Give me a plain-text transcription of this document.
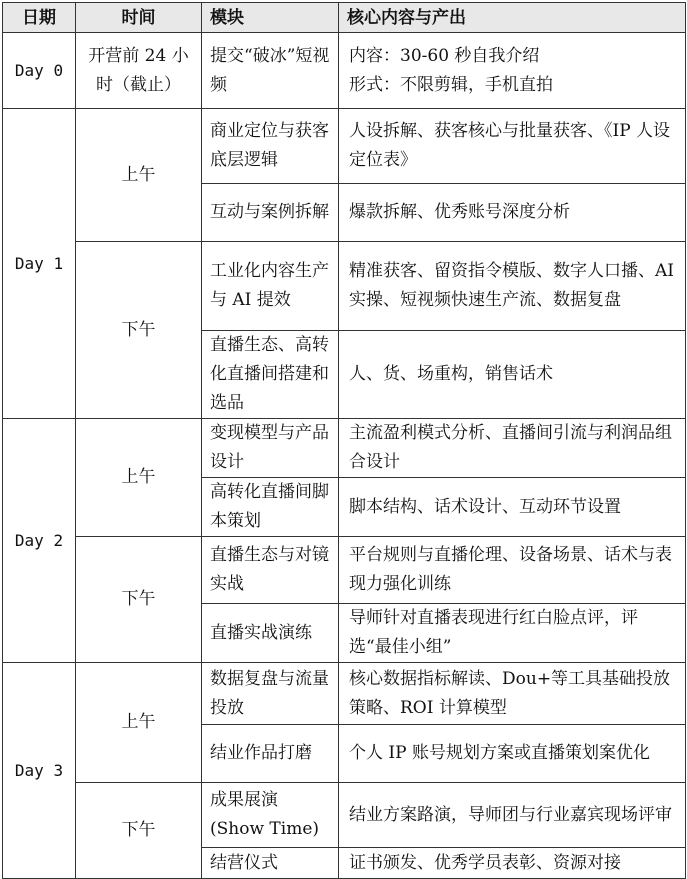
日期	时间	模块	核心内容与产出
Day 0	开营前 24 小时（截止）	提交“破冰”短视频	内容：30-60 秒自我介绍
形式：不限剪辑，手机直拍

Day 1	上午	商业定位与获客底层逻辑	人设拆解、获客核心与批量获客、《IP 人设定位表》
		互动与案例拆解	爆款拆解、优秀账号深度分析
	下午	工业化内容生产与 AI 提效	精准获客、留资指令模版、数字人口播、AI 实操、短视频快速生产流、数据复盘
		直播生态、高转化直播间搭建和选品	人、货、场重构，销售话术
Day 2	上午	变现模型与产品设计	主流盈利模式分析、直播间引流与利润品组合设计
		高转化直播间脚本策划	脚本结构、话术设计、互动环节设置
	下午	直播生态与对镜实战	平台规则与直播伦理、设备场景、话术与表现力强化训练
		直播实战演练	导师针对直播表现进行红白脸点评，评选“最佳小组”
Day 3	上午	数据复盘与流量投放	核心数据指标解读、Dou+等工具基础投放策略、ROI 计算模型
		结业作品打磨	个人 IP 账号规划方案或直播策划案优化
	下午	成果展演(Show Time)	结业方案路演，导师团与行业嘉宾现场评审
		结营仪式	证书颁发、优秀学员表彰、资源对接
